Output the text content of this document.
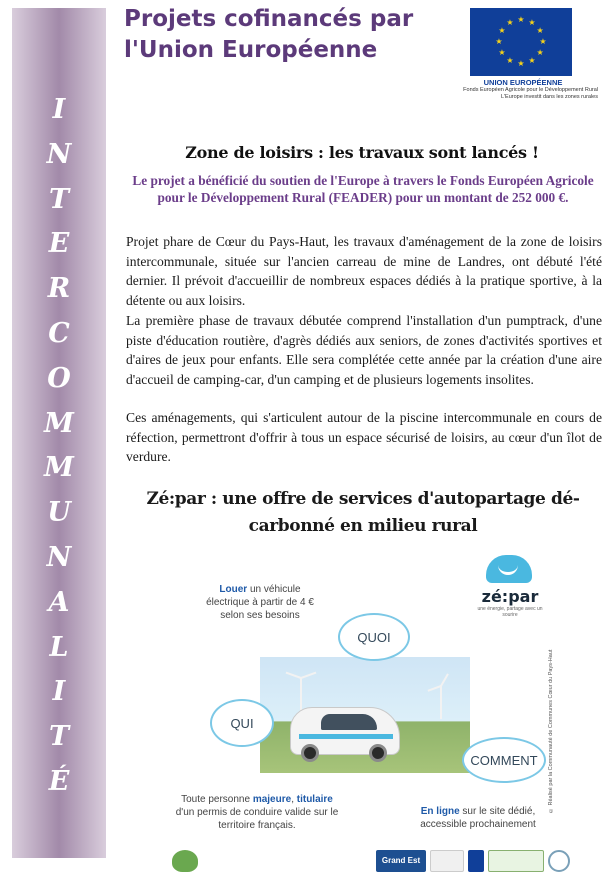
I
N
T
E
R
C
O
M
M
U
N
A
L
I
T
É
Projets cofinancés par l'Union Européenne
★ ★
★
★
★
★
★
★
★
★
★
★
UNION EUROPÉENNE
Fonds Européen Agricole pour le Développement Rural
L'Europe investit dans les zones rurales
Zone de loisirs : les travaux sont lancés !

Le projet a bénéficié du soutien de l'Europe à travers le Fonds Européen Agricole pour le Développement Rural (FEADER) pour un montant de 252 000 €.

Projet phare de Cœur du Pays-Haut, les travaux d'aménagement de la zone de loisirs intercommunale, située sur l'ancien carreau de mine de Landres, ont débuté l'été dernier. Il prévoit d'accueillir de nombreux espaces dédiés à la pratique sportive, à la détente ou aux loisirs.

La première phase de travaux débutée comprend l'installation d'un pumptrack, d'une piste d'éducation routière, d'agrès dédiés aux seniors, de zones d'activités sportives et d'aires de jeux pour enfants. Elle sera complétée cette année par la création d'une aire d'accueil de camping-car, d'un camping et de plusieurs logements insolites.

Ces aménagements, qui s'articulent autour de la piscine intercommunale en cours de réfection, permettront d'offrir à tous un espace sécurisé de loisirs, au cœur d'un îlot de verdure.

Zé:par : une offre de services d'autopartage dé-carbonné en milieu rural
Louer un véhicule électrique à partir de 4 € selon ses besoins
zé:par
une énergie, partage avec un sourire
QUOI
QUI
COMMENT
Toute personne majeure, titulaire d'un permis de conduire valide sur le territoire français.
En ligne sur le site dédié, accessible prochainement
© Réalisé par la Communauté de Communes Cœur du Pays-Haut
Grand Est
